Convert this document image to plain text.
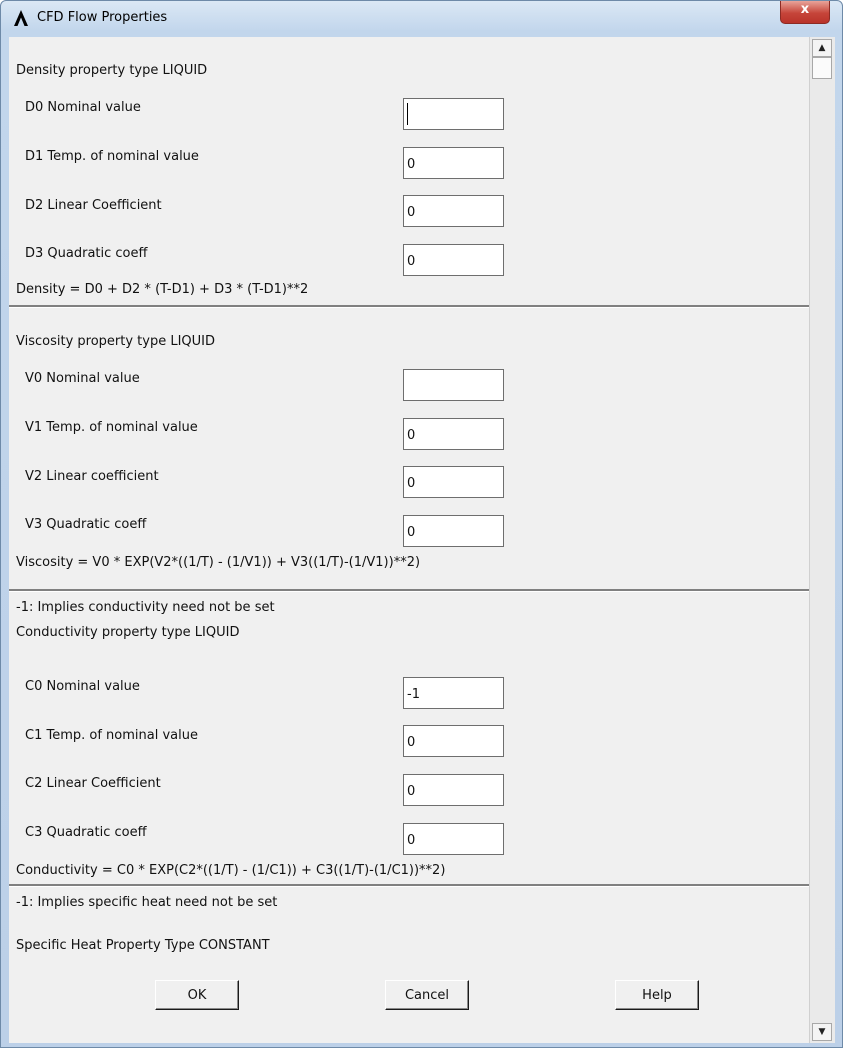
CFD Flow Properties
x
Density property type LIQUID
D0 Nominal value
D1 Temp. of nominal value
0
D2 Linear Coefficient
0
D3 Quadratic coeff
0
Density = D0 + D2 * (T-D1) + D3 * (T-D1)**2
Viscosity property type LIQUID
V0 Nominal value
V1 Temp. of nominal value
0
V2 Linear coefficient
0
V3 Quadratic coeff
0
Viscosity = V0 * EXP(V2*((1/T) - (1/V1)) + V3((1/T)-(1/V1))**2)
-1: Implies conductivity need not be set
Conductivity property type LIQUID
C0 Nominal value
-1
C1 Temp. of nominal value
0
C2 Linear Coefficient
0
C3 Quadratic coeff
0
Conductivity = C0 * EXP(C2*((1/T) - (1/C1)) + C3((1/T)-(1/C1))**2)
-1: Implies specific heat need not be set
Specific Heat Property Type CONSTANT
OK	Cancel	Help
▲
▼
